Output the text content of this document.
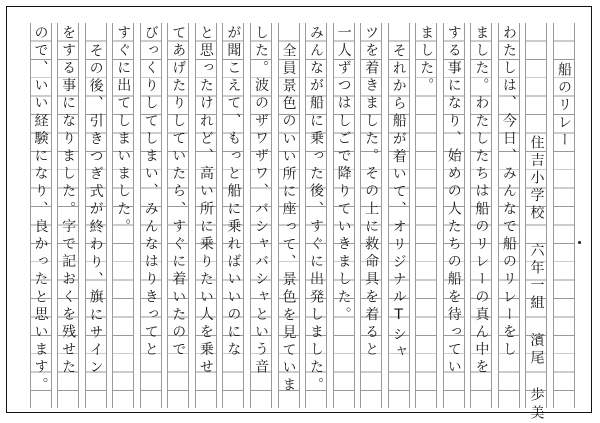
船のリレー
住吉小学校 六年一組 濱尾 歩美
わたしは、今日、みんなで船のリレーをし
ました。わたしたちは船のリレーの真ん中を
する事になり、始めの人たちの船を待ってい
ました。
それから船が着いて、オリジナルTシャ
ツを着きました。その上に救命具を着ると
一人ずつはしごで降りていきました。
みんなが船に乗った後、すぐに出発しました。
全員景色のいい所に座って、景色を見ていま
した。波のザワザワ、バシャバシャという音
が聞こえて、もっと船に乗ればいいのにな
と思ったけれど、高い所に乗りたい人を乗せ
てあげたりしていたら、すぐに着いたので
びっくりしてしまい、みんなはりきってと
すぐに出てしまいました。
その後、引きつぎ式が終わり、旗にサイン
をする事になりました。字で記おくを残せた
ので、いい経験になり、良かったと思います。
